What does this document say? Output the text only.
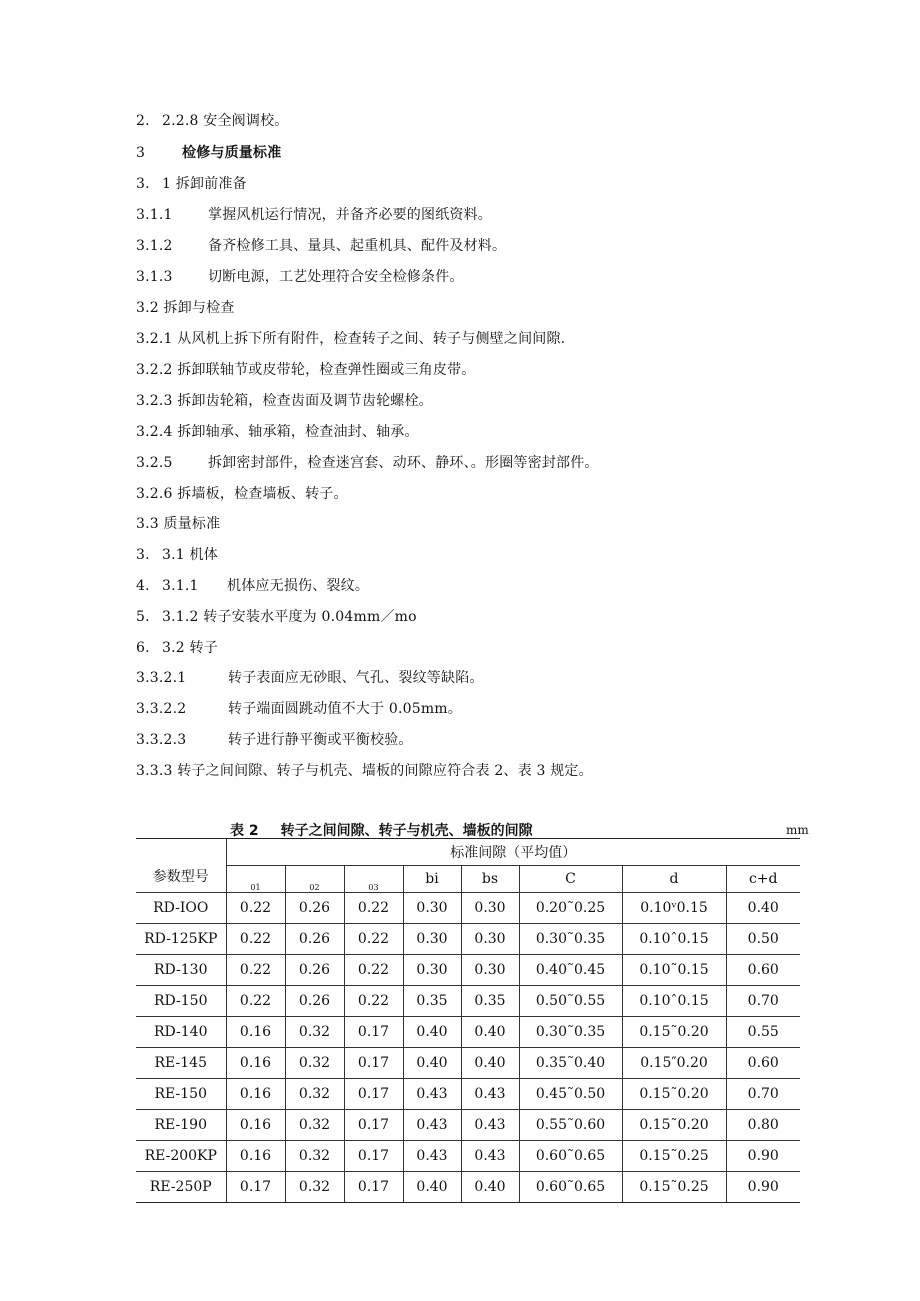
2. 2.2.8 安全阀调校。
3	检修与质量标准
3. 1 拆卸前准备
3.1.1	掌握风机运行情况，并备齐必要的图纸资料。
3.1.2	备齐检修工具、量具、起重机具、配件及材料。
3.1.3	切断电源，工艺处理符合安全检修条件。
3.2 拆卸与检查
3.2.1 从风机上拆下所有附件，检查转子之间、转子与侧壁之间间隙.
3.2.2 拆卸联轴节或皮带轮，检查弹性圈或三角皮带。
3.2.3 拆卸齿轮箱，检查齿面及调节齿轮螺栓。
3.2.4 拆卸轴承、轴承箱，检查油封、轴承。
3.2.5	拆卸密封部件，检查迷宫套、动环、静环、。形圈等密封部件。
3.2.6 拆墙板，检查墙板、转子。
3.3 质量标准
3. 3.1 机体
4. 3.1.1　　机体应无损伤、裂纹。
5. 3.1.2 转子安装水平度为 0.04mm／mo
6. 3.2 转子
3.3.2.1	转子表面应无砂眼、气孔、裂纹等缺陷。
3.3.2.2	转子端面圆跳动值不大于 0.05mm。
3.3.2.3	转子进行静平衡或平衡校验。
3.3.3 转子之间间隙、转子与机壳、墙板的间隙应符合表 2、表 3 规定。
表 2 转子之间间隙、转子与机壳、墙板的间隙	mm
参数型号	标准间隙（平均值）							
	01	02	03	bi	bs	C	d	c+d
RD-IOO	0.22	0.26	0.22	0.30	0.30	0.20˜0.25	0.10ᵛ0.15	0.40
RD-125KP	0.22	0.26	0.22	0.30	0.30	0.30˜0.35	0.10ˆ0.15	0.50
RD-130	0.22	0.26	0.22	0.30	0.30	0.40˜0.45	0.10˜0.15	0.60
RD-150	0.22	0.26	0.22	0.35	0.35	0.50˜0.55	0.10ˆ0.15	0.70
RD-140	0.16	0.32	0.17	0.40	0.40	0.30˜0.35	0.15˜0.20	0.55
RE-145	0.16	0.32	0.17	0.40	0.40	0.35˜0.40	0.15″0.20	0.60
RE-150	0.16	0.32	0.17	0.43	0.43	0.45˜0.50	0.15˜0.20	0.70
RE-190	0.16	0.32	0.17	0.43	0.43	0.55˜0.60	0.15˜0.20	0.80
RE-200KP	0.16	0.32	0.17	0.43	0.43	0.60˜0.65	0.15˜0.25	0.90
RE-250P	0.17	0.32	0.17	0.40	0.40	0.60˜0.65	0.15˜0.25	0.90
